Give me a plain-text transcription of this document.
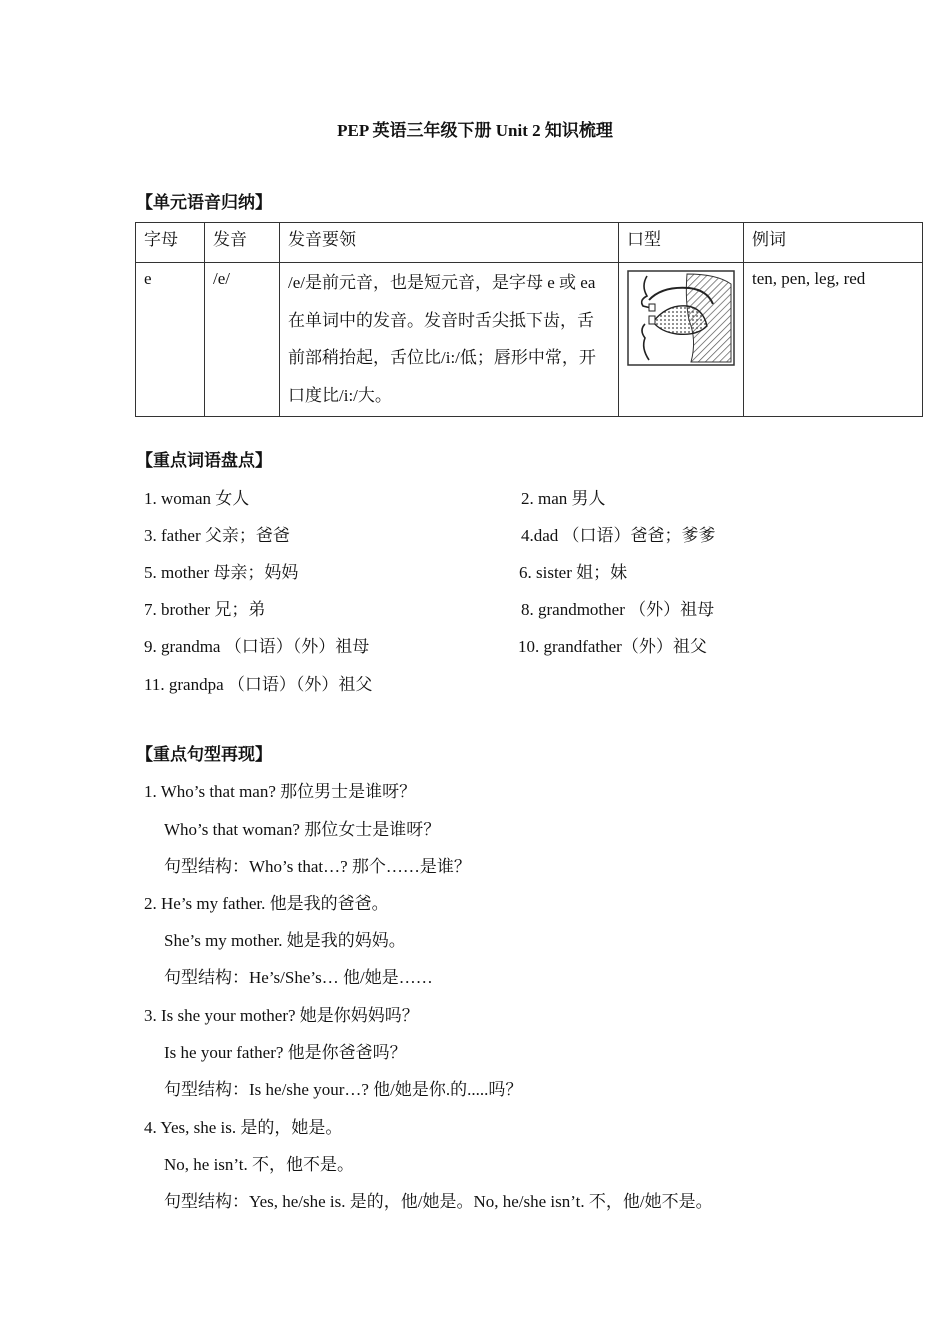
PEP 英语三年级下册 Unit 2 知识梳理
【单元语音归纳】
字母	发音	发音要领	口型	例词
e	/e/	/e/是前元音，也是短元音，是字母 e 或 ea 在单词中的发音。发音时舌尖抵下齿，舌前部稍抬起，舌位比/i:/低；唇形中常，开口度比/i:/大。		ten, pen, leg, red
【重点词语盘点】
1. woman 女人	2. man 男人
3. father 父亲；爸爸	4.dad （口语）爸爸；爹爹
5. mother 母亲；妈妈	6. sister 姐；妹
7. brother 兄；弟	8. grandmother （外）祖母
9. grandma （口语）（外）祖母	10. grandfather（外）祖父
11. grandpa （口语）（外）祖父
【重点句型再现】
1. Who’s that man? 那位男士是谁呀？
Who’s that woman? 那位女士是谁呀？
句型结构：Who’s that…? 那个……是谁？
2. He’s my father. 他是我的爸爸。
She’s my mother. 她是我的妈妈。
句型结构：He’s/She’s… 他/她是……
3. Is she your mother? 她是你妈妈吗？
Is he your father? 他是你爸爸吗？
句型结构：Is he/she your…? 他/她是你.的.....吗？
4. Yes, she is. 是的，她是。
No, he isn’t. 不，他不是。
句型结构：Yes, he/she is. 是的，他/她是。No, he/she isn’t. 不，他/她不是。
